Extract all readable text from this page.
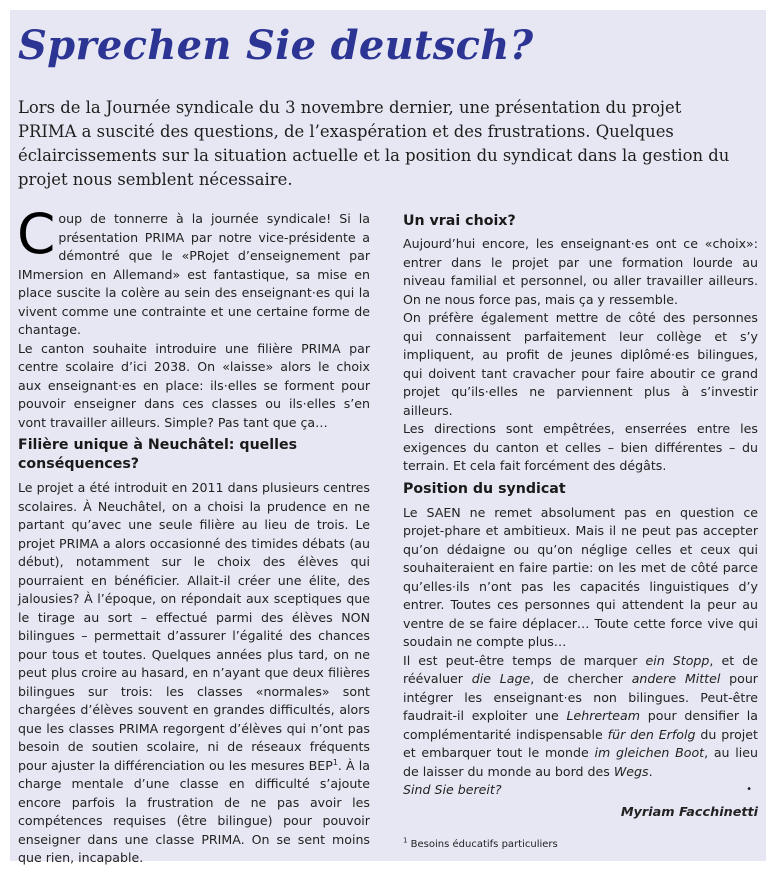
Sprechen Sie deutsch?

Lors de la Journée syndicale du 3 novembre dernier, une présentation du projet PRIMA a suscité des questions, de l’exaspération et des frustrations. Quelques éclaircissements sur la situation actuelle et la position du syndicat dans la gestion du projet nous semblent nécessaire.

Coup de tonnerre à la journée syndicale! Si la présentation PRIMA par notre vice-présidente a démontré que le «PRojet d’enseignement par IMmersion en Allemand» est fantastique, sa mise en place suscite la colère au sein des enseignant·es qui la vivent comme une contrainte et une certaine forme de chantage.

Le canton souhaite introduire une filière PRIMA par centre scolaire d’ici 2038. On «laisse» alors le choix aux enseignant·es en place: ils·elles se forment pour pouvoir enseigner dans ces classes ou ils·elles s’en vont travailler ailleurs. Simple? Pas tant que ça…

Filière unique à Neuchâtel: quelles conséquences?

Le projet a été introduit en 2011 dans plusieurs centres scolaires. À Neuchâtel, on a choisi la prudence en ne partant qu’avec une seule filière au lieu de trois. Le projet PRIMA a alors occasionné des timides débats (au début), notamment sur le choix des élèves qui pourraient en bénéficier. Allait-il créer une élite, des jalousies? À l’époque, on répondait aux sceptiques que le tirage au sort – effectué parmi des élèves NON bilingues – permettait d’assurer l’égalité des chances pour tous et toutes. Quelques années plus tard, on ne peut plus croire au hasard, en n’ayant que deux filières bilingues sur trois: les classes «normales» sont chargées d’élèves souvent en grandes difficultés, alors que les classes PRIMA regorgent d’élèves qui n’ont pas besoin de soutien scolaire, ni de réseaux fréquents pour ajuster la différenciation ou les mesures BEP$^1$. À la charge mentale d’une classe en difficulté s’ajoute encore parfois la frustration de ne pas avoir les compétences requises (être bilingue) pour pouvoir enseigner dans une classe PRIMA. On se sent moins que rien, incapable.

Un vrai choix?

Aujourd’hui encore, les enseignant·es ont ce «choix»: entrer dans le projet par une formation lourde au niveau familial et personnel, ou aller travailler ailleurs. On ne nous force pas, mais ça y ressemble.

On préfère également mettre de côté des personnes qui connaissent parfaitement leur collège et s’y impliquent, au profit de jeunes diplômé·es bilingues, qui doivent tant cravacher pour faire aboutir ce grand projet qu’ils·elles ne parviennent plus à s’investir ailleurs.

Les directions sont empêtrées, enserrées entre les exigences du canton et celles – bien différentes – du terrain. Et cela fait forcément des dégâts.

Position du syndicat

Le SAEN ne remet absolument pas en question ce projet-phare et ambitieux. Mais il ne peut pas accepter qu’on dédaigne ou qu’on néglige celles et ceux qui souhaiteraient en faire partie: on les met de côté parce qu’elles·ils n’ont pas les capacités linguistiques d’y entrer. Toutes ces personnes qui attendent la peur au ventre de se faire déplacer… Toute cette force vive qui soudain ne compte plus…

Il est peut-être temps de marquer ein Stopp, et de réévaluer die Lage, de chercher andere Mittel pour intégrer les enseignant·es non bilingues. Peut-être faudrait-il exploiter une Lehrerteam pour densifier la complémentarité indispensable für den Erfolg du projet et embarquer tout le monde im gleichen Boot, au lieu de laisser du monde au bord des Wegs.

Sind Sie bereit?	•

Myriam Facchinetti

$^1$ Besoins éducatifs particuliers
